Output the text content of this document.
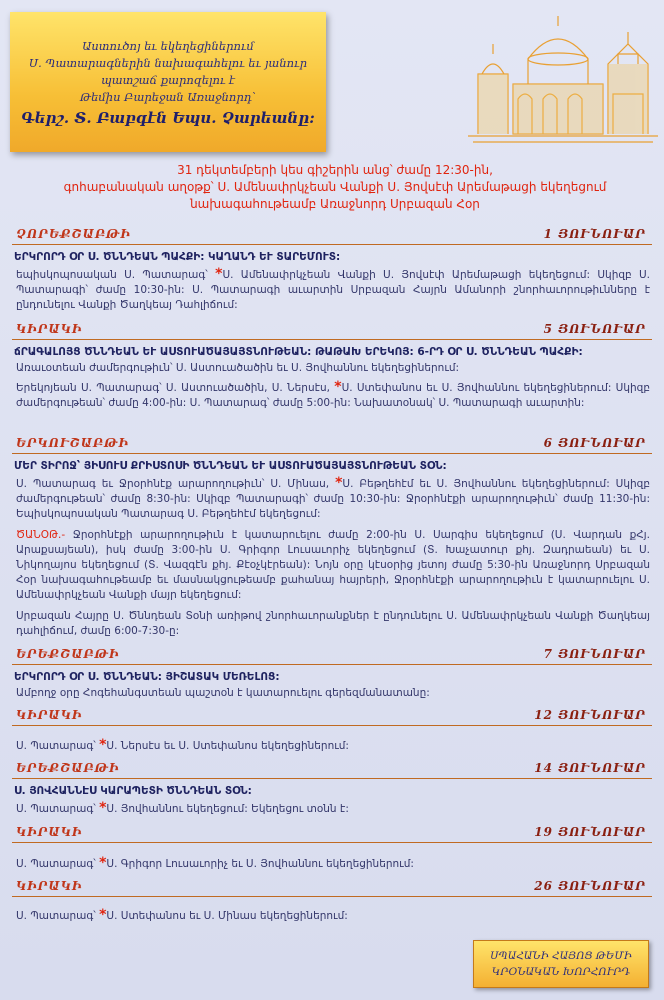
Աստուծոյ եւ եկեղեցիներում
Ս. Պատարագներին նախագահելու եւ յանուր
պատշաճ քարոզելու է
Թեմիս Բարեջան Առաջնորդ՝
Գերշ. Տ. Բաբգէն Եպս. Չարեանը:
31 դեկտեմբերի կես գիշերին անց՝ ժամը 12:30-ին,
գոհաբանական աղօթք՝ Ս. Ամենափրկչեան Վանքի Ս. Յովսէփ Արեմաթացի եկեղեցում
նախագահութեամբ Առաջնորդ Սրբազան Հօր
ՉՈՐԵՔՇԱԲԹԻ	1 ՅՈՒՆՈՒԱՐ
ԵՐԿՐՈՐԴ ՕՐ Ս. ԾՆՆԴԵԱՆ ՊԱՀՔԻ: ԿԱՂԱՆԴ ԵՒ ՏԱՐԵՄՈՒՏ:
եպիսկոպոսական Ս. Պատարագ՝ *Ս. Ամենափրկչեան Վանքի Ս. Յովսէփ Արեմաթացի եկեղեցում: Սկիզբ Ս. Պատարագի՝ ժամը 10:30-ին: Ս. Պատարագի աւարտին Սրբազան Հայրն Ամանորի շնորհաւորութիւնները է ընդունելու Վանքի Ծաղկեայ Դահլիճում:
ԿԻՐԱԿԻ	5 ՅՈՒՆՈՒԱՐ
ճՐԱԳԱԼՈՅՑ ԾՆՆԴԵԱՆ ԵՒ ԱՍՏՈՒԱԾԱՅԱՅՏՆՈՒԹԵԱՆ: ԹԱԹԱԽ ԵՐԵԿՈՅ: 6-ՐԴ ՕՐ Ս. ԾՆՆԴԵԱՆ ՊԱՀՔԻ:
Առաւօտեան ժամերգութիւն՝ Ս. Աստուածածին եւ Ս. Յովհաննու եկեղեցիներում:
Երեկոյեան Ս. Պատարագ՝ Ս. Աստուածածին, Ս. Ներսէս, *Ս. Ստեփանոս եւ Ս. Յովհաննու եկեղեցիներում: Սկիզբ ժամերգութեան՝ ժամը 4:00-ին: Ս. Պատարագ՝ ժամը 5:00-ին: Նախատօնակ՝ Ս. Պատարագի աւարտին:
ԵՐԿՈՒՇԱԲԹԻ	6 ՅՈՒՆՈՒԱՐ
ՄԵՐ ՏԻՐՈՋ՝ ՅԻՍՈՒՍ ՔՐԻՍՏՈՍԻ ԾՆՆԴԵԱՆ ԵՒ ԱՍՏՈՒԱԾԱՅԱՅՏՆՈՒԹԵԱՆ ՏՕՆ:
Ս. Պատարագ եւ Ջրօրհնէք արարողութիւն՝ Ս. Մինաս, *Ս. Բեթղեհէմ եւ Ս. Յովհաննու եկեղեցիներում: Սկիզբ ժամերգութեան՝ ժամը 8:30-ին: Սկիզբ Պատարագի՝ ժամը 10:30-ին: Ջրօրհնէքի արարողութիւն՝ ժամը 11:30-ին: Եպիսկոպոսական Պատարագ Ս. Բեթղեհէմ եկեղեցում:
ԾԱՆՕԹ.- Ջրօրհնէքի արարողութիւն է կատարուելու ժամը 2:00-ին Ս. Սարգիս եկեղեցում (Ս. Վարդան քՀյ. Արաքսայեան), իսկ ժամը 3:00-ին Ս. Գրիգոր Լուսաւորիչ եկեղեցում (Տ. Խաչատուր քհյ. Զադրաեան) եւ Ս. Նիկողայոս եկեղեցում (Տ. Վազգէն քհյ. Քէօչկէրեան): Նոյն օրը կէսօրից յետոյ ժամը 5:30-ին Առաջնորդ Սրբազան Հօր նախագահութեամբ եւ մասնակցութեամբ քահանայ հայրերի, Ջրօրհնէքի արարողութիւն է կատարուելու Ս. Ամենափրկչեան Վանքի մայր եկեղեցում:
Սրբազան Հայրը Ս. Ծննդեան Տօնի առիթով շնորհաւորանքներ է ընդունելու Ս. Ամենափրկչեան Վանքի Ծաղկեայ դահլիճում, ժամը 6:00-7:30-ը:
ԵՐԵՔՇԱԲԹԻ	7 ՅՈՒՆՈՒԱՐ
ԵՐԿՐՈՐԴ ՕՐ Ս. ԾՆՆԴԵԱՆ: ՅԻՇԱՏԱԿ ՄԵՌԵԼՈՑ:
Ամբողջ օրը Հոգեհանգստեան պաշտօն է կատարուելու գերեզմանատանը:
ԿԻՐԱԿԻ	12 ՅՈՒՆՈՒԱՐ
Ս. Պատարագ՝ *Ս. Ներսէս եւ Ս. Ստեփանոս եկեղեցիներում:
ԵՐԵՔՇԱԲԹԻ	14 ՅՈՒՆՈՒԱՐ
Ս. ՅՈՎՀԱՆՆԷՍ ԿԱՐԱՊԵՏԻ ԾՆՆԴԵԱՆ ՏՕՆ:
Ս. Պատարագ՝ *Ս. Յովհաննու եկեղեցում: Եկեղեցու տօնն է:
ԿԻՐԱԿԻ	19 ՅՈՒՆՈՒԱՐ
Ս. Պատարագ՝ *Ս. Գրիգոր Լուսաւորիչ եւ Ս. Յովհաննու եկեղեցիներում:
ԿԻՐԱԿԻ	26 ՅՈՒՆՈՒԱՐ
Ս. Պատարագ՝ *Ս. Ստեփանոս եւ Ս. Մինաս եկեղեցիներում:
ՍՊԱՀԱՆԻ ՀԱՅՈՑ ԹԵՄԻ
ԿՐՕՆԱԿԱՆ ԽՈՐՀՈՒՐԴ
